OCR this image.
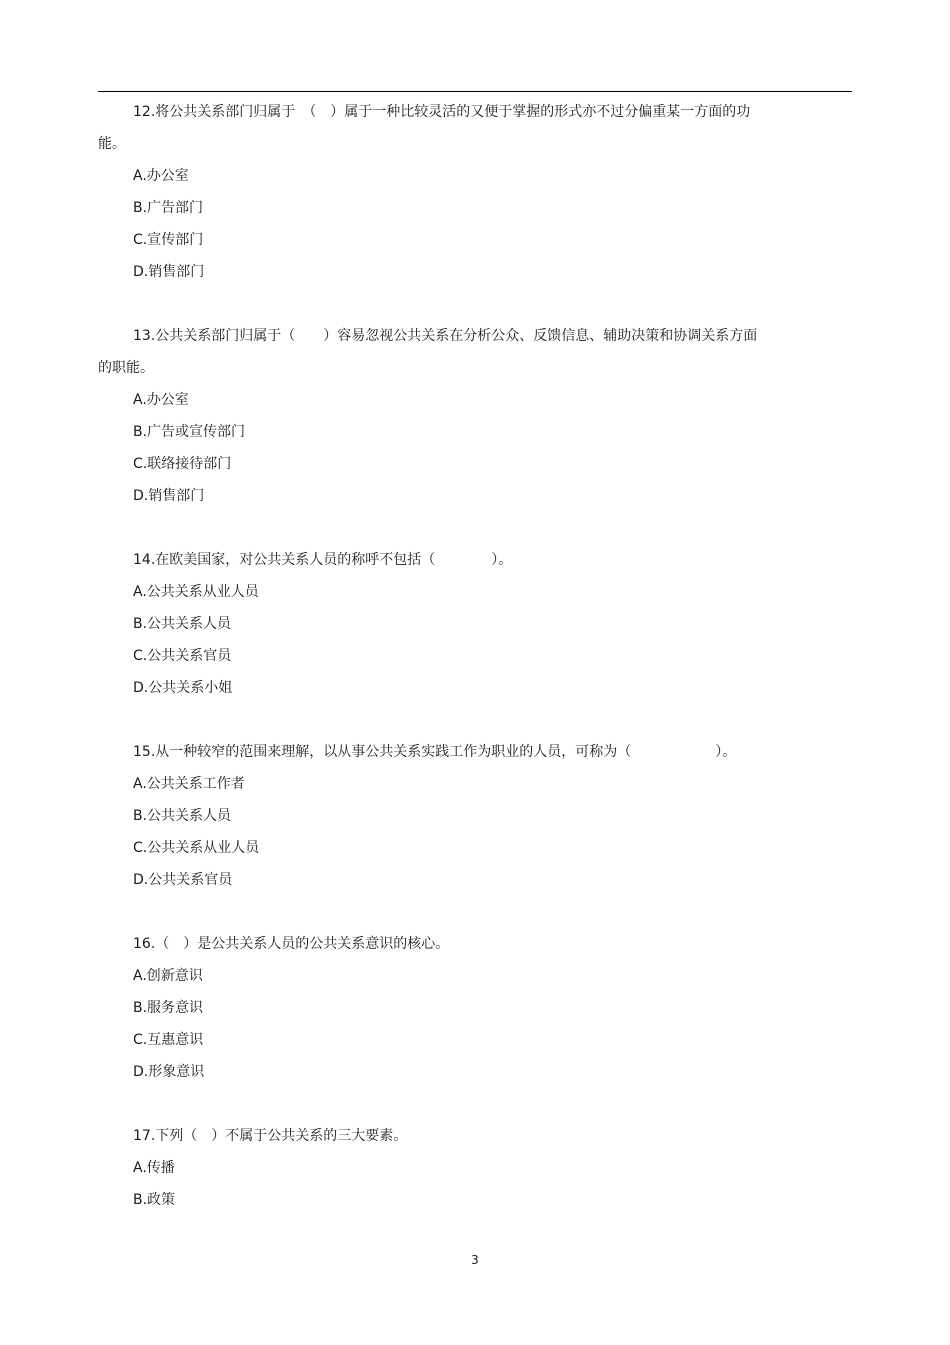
12.将公共关系部门归属于　（　）属于一种比较灵活的又便于掌握的形式亦不过分偏重某一方面的功
能。
A.办公室
B.广告部门
C.宣传部门
D.销售部门
13.公共关系部门归属于（　　）容易忽视公共关系在分析公众、反馈信息、辅助决策和协调关系方面
的职能。
A.办公室
B.广告或宣传部门
C.联络接待部门
D.销售部门
14.在欧美国家，对公共关系人员的称呼不包括（　　　　）。
A.公共关系从业人员
B.公共关系人员
C.公共关系官员
D.公共关系小姐
15.从一种较窄的范围来理解，以从事公共关系实践工作为职业的人员，可称为（　　　　　　）。
A.公共关系工作者
B.公共关系人员
C.公共关系从业人员
D.公共关系官员
16.（　）是公共关系人员的公共关系意识的核心。
A.创新意识
B.服务意识
C.互惠意识
D.形象意识
17.下列（　）不属于公共关系的三大要素。
A.传播
B.政策
3
